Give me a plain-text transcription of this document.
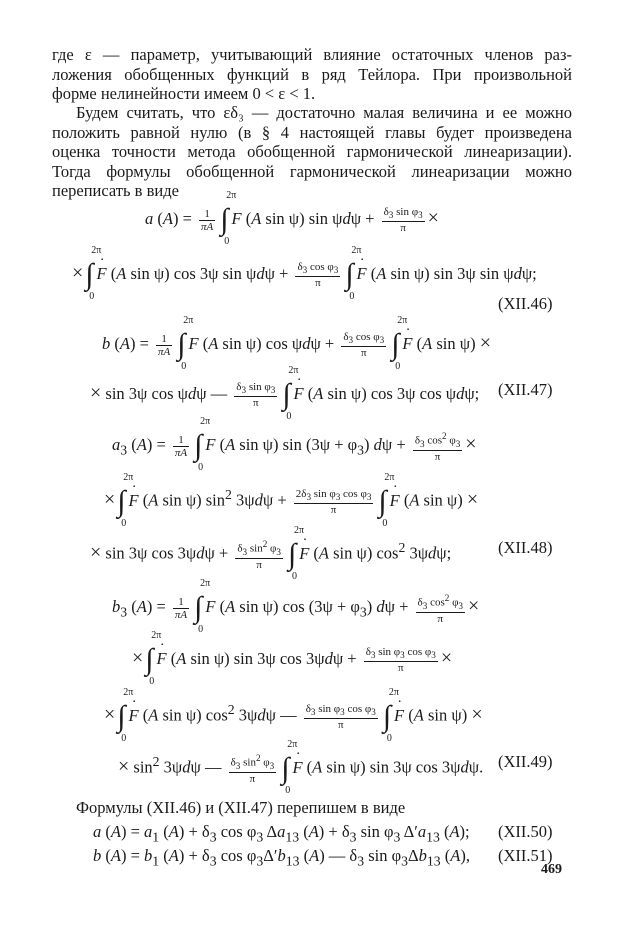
где ε — параметр, учитывающий влияние остаточных членов раз-
ложения обобщенных функций в ряд Тейлора. При произвольной
форме нелинейности имеем 0 < ε < 1.
Будем считать, что εδ₃ — достаточно малая величина и ее можно
положить равной нулю (в § 4 настоящей главы будет произведена
оценка точности метода обобщенной гармонической линеаризации).
Тогда формулы обобщенной гармонической линеаризации можно
переписать в виде
a $(A) = \frac{1}{\pi A}$ ∫
2π
0
F (A sin ψ) $\sin \psi d\psi + \frac{\delta_3 \sin \varphi_3}{\pi}$ ×
×∫
2π
0
˙ F (A sin ψ) cos 3ψ $\sin \psi d\psi + \frac{\delta_3 \cos \varphi_3}{\pi}$ ∫
2π
0
˙ F (A sin ψ) sin 3ψ sin ψdψ;
(XII.46)
b $(A) = \frac{1}{\pi A}$ ∫
2π
0
F (A sin ψ) $\cos \psi d\psi + \frac{\delta_3 \cos \varphi_3}{\pi}$ ∫
2π
0
˙ F (A sin ψ) ×
× sin 3ψ cos ψdψ — $\frac{\delta_3 \sin \varphi_3}{\pi}$ ∫
2π
0
˙ F (A sin ψ) cos 3ψ cos ψdψ; (XII.47)
$a_3$ $(A) = \frac{1}{\pi A}$ ∫
2π
0
F (A sin ψ) $\sin (3\psi + \varphi_3)$ $d\psi + \frac{\delta_3 \cos^2 \varphi_3}{\pi}$ ×
×∫
2π
0
˙ F (A sin ψ) $\sin^2 3\psi d\psi + \frac{2\delta_3 \sin \varphi_3 \cos \varphi_3}{\pi}$ ∫
2π
0
˙ F (A sin ψ) ×
× sin 3ψ $\cos 3\psi d\psi + \frac{\delta_3 \sin^2 \varphi_3}{\pi}$ ∫
2π
0
˙ F (A sin ψ) $\cos^2 3\psi d\psi$;	(XII.48)
$b_3$ $(A) = \frac{1}{\pi A}$ ∫
2π
0
F (A sin ψ) $\cos (3\psi + \varphi_3)$ $d\psi + \frac{\delta_3 \cos^2 \varphi_3}{\pi}$ ×
×∫
2π
0
˙ F (A sin ψ) sin 3ψ $\cos 3\psi d\psi + \frac{\delta_3 \sin \varphi_3 \cos \varphi_3}{\pi}$ ×
×∫
2π
0
˙ F (A sin ψ) $\cos^2 3\psi d\psi$ — $\frac{\delta_3 \sin \varphi_3 \cos \varphi_3}{\pi}$ ∫
2π
0
˙ F (A sin ψ) ×
× $\sin^2 3\psi d\psi$ — $\frac{\delta_3 \sin^2 \varphi_3}{\pi}$ ∫
2π
0
˙ F (A sin ψ) sin 3ψ cos 3ψdψ. (XII.49)
Формулы (XII.46) и (XII.47) перепишем в виде
a $(A) = a_1$ $(A) + \delta_3$ $\cos \varphi_3$ $\Delta a_{13}$ $(A) + \delta_3$ $\sin \varphi_3$ $\Delta'a_{13}$ (A); (XII.50)
b $(A) = b_1$ $(A) + \delta_3$ $\cos \varphi_3\Delta'b_{13}$ (A) — $\delta_3$ $\sin \varphi_3\Delta b_{13}$ (A), (XII.51)
469
